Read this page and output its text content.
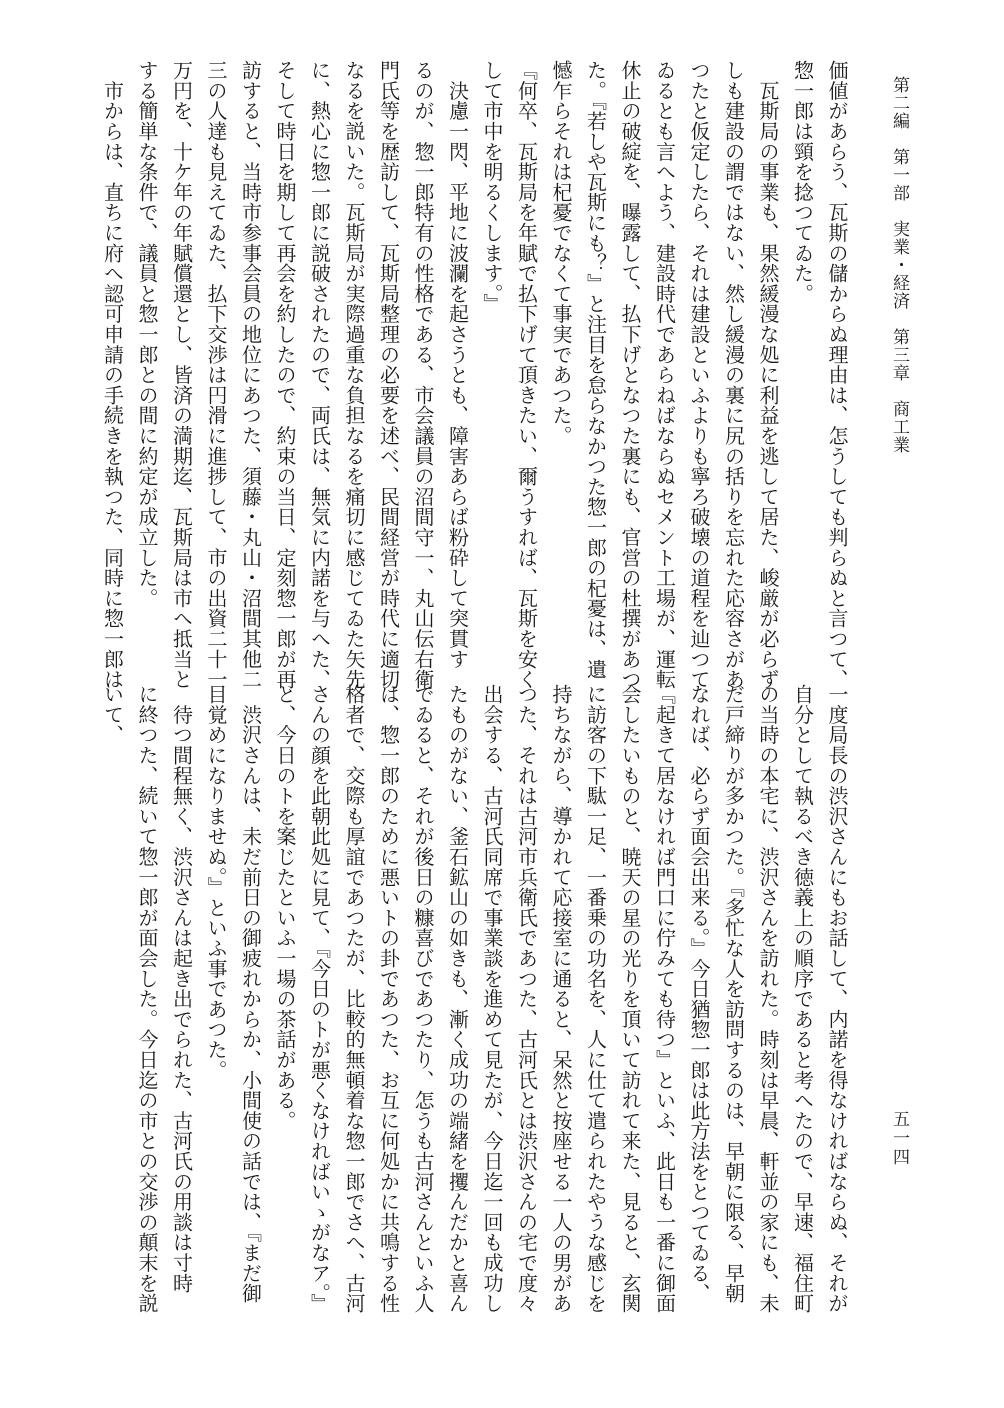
第二編　第一部　実業・経済　第三章　商工業
五一四

価値があらう、瓦斯の儲からぬ理由は、怎うしても判らぬと言つて、

惣一郎は頸を捻つてゐた。

　瓦斯局の事業も、果然緩漫な処に利益を逃して居た、峻厳が必らず

しも建設の謂ではない、然し緩漫の裏に尻の括りを忘れた応容さがあ

つたと仮定したら、それは建設といふよりも寧ろ破壊の道程を辿つて

ゐるとも言へよう、建設時代であらねばならぬセメント工場が、運転

休止の破綻を、曝露して、払下げとなつた裏にも、官営の杜撰があつ

た。『若しや瓦斯にも？』と注目を怠らなかつた惣一郎の杞憂は、遺

憾乍らそれは杞憂でなくて事実であつた。

『何卒、瓦斯局を年賦で払下げて頂きたい、爾うすれば、瓦斯を安く

して市中を明るくします。』

　決慮一閃、平地に波瀾を起さうとも、障害あらば粉砕して突貫す

るのが、惣一郎特有の性格である、市会議員の沼間守一、丸山伝右衛

門氏等を歴訪して、瓦斯局整理の必要を述べ、民間経営が時代に適切

なるを説いた。瓦斯局が実際過重な負担なるを痛切に感じてゐた矢先

に、熱心に惣一郎に説破されたので、両氏は、無気に内諾を与へた、

そして時日を期して再会を約したので、約束の当日、定刻惣一郎が再

訪すると、当時市参事会員の地位にあつた、須藤・丸山・沼間其他二

三の人達も見えてゐた、払下交渉は円滑に進捗して、市の出資二十一

万円を、十ケ年の年賦償還とし、皆済の満期迄、瓦斯局は市へ抵当と

する簡単な条件で、議員と惣一郎との間に約定が成立した。

　市からは、直ちに府へ認可申請の手続きを執つた、同時に惣一郎は

一度局長の渋沢さんにもお話して、内諾を得なければならぬ、それが

自分として執るべき徳義上の順序であると考へたので、早速、福住町

の当時の本宅に、渋沢さんを訪れた。時刻は早晨、軒並の家にも、未

だ戸締りが多かつた。『多忙な人を訪問するのは、早朝に限る、早朝

なれば、必らず面会出来る。』今日猶惣一郎は此方法をとつてゐる、

『起きて居なければ門口に佇みても待つ』といふ、此日も一番に御面

会したいものと、暁天の星の光りを頂いて訪れて来た、見ると、玄関

に訪客の下駄一足、一番乗の功名を、人に仕て遣られたやうな感じを

持ちながら、導かれて応接室に通ると、呆然と按座せる一人の男があ

つた、それは古河市兵衛氏であつた、古河氏とは渋沢さんの宅で度々

出会する、古河氏同席で事業談を進めて見たが、今日迄一回も成功し

たものがない、釜石鉱山の如きも、漸く成功の端緒を攫んだかと喜ん

でゐると、それが後日の糠喜びであつたり、怎うも古河さんといふ人

は、惣一郎のために悪いトの卦であつた、お互に何処かに共鳴する性

格者で、交際も厚誼であつたが、比較的無頓着な惣一郎でさへ、古河

さんの顔を此朝此処に見て、『今日のトが悪くなければいゝがなア。』

と、今日のトを案じたといふ一場の茶話がある。

　渋沢さんは、未だ前日の御疲れからか、小間使の話では、『まだ御

目覚めになりませぬ。』といふ事であつた。

　待つ間程無く、渋沢さんは起き出でられた、古河氏の用談は寸時

に終つた、続いて惣一郎が面会した。今日迄の市との交渉の顛末を説

いて、
